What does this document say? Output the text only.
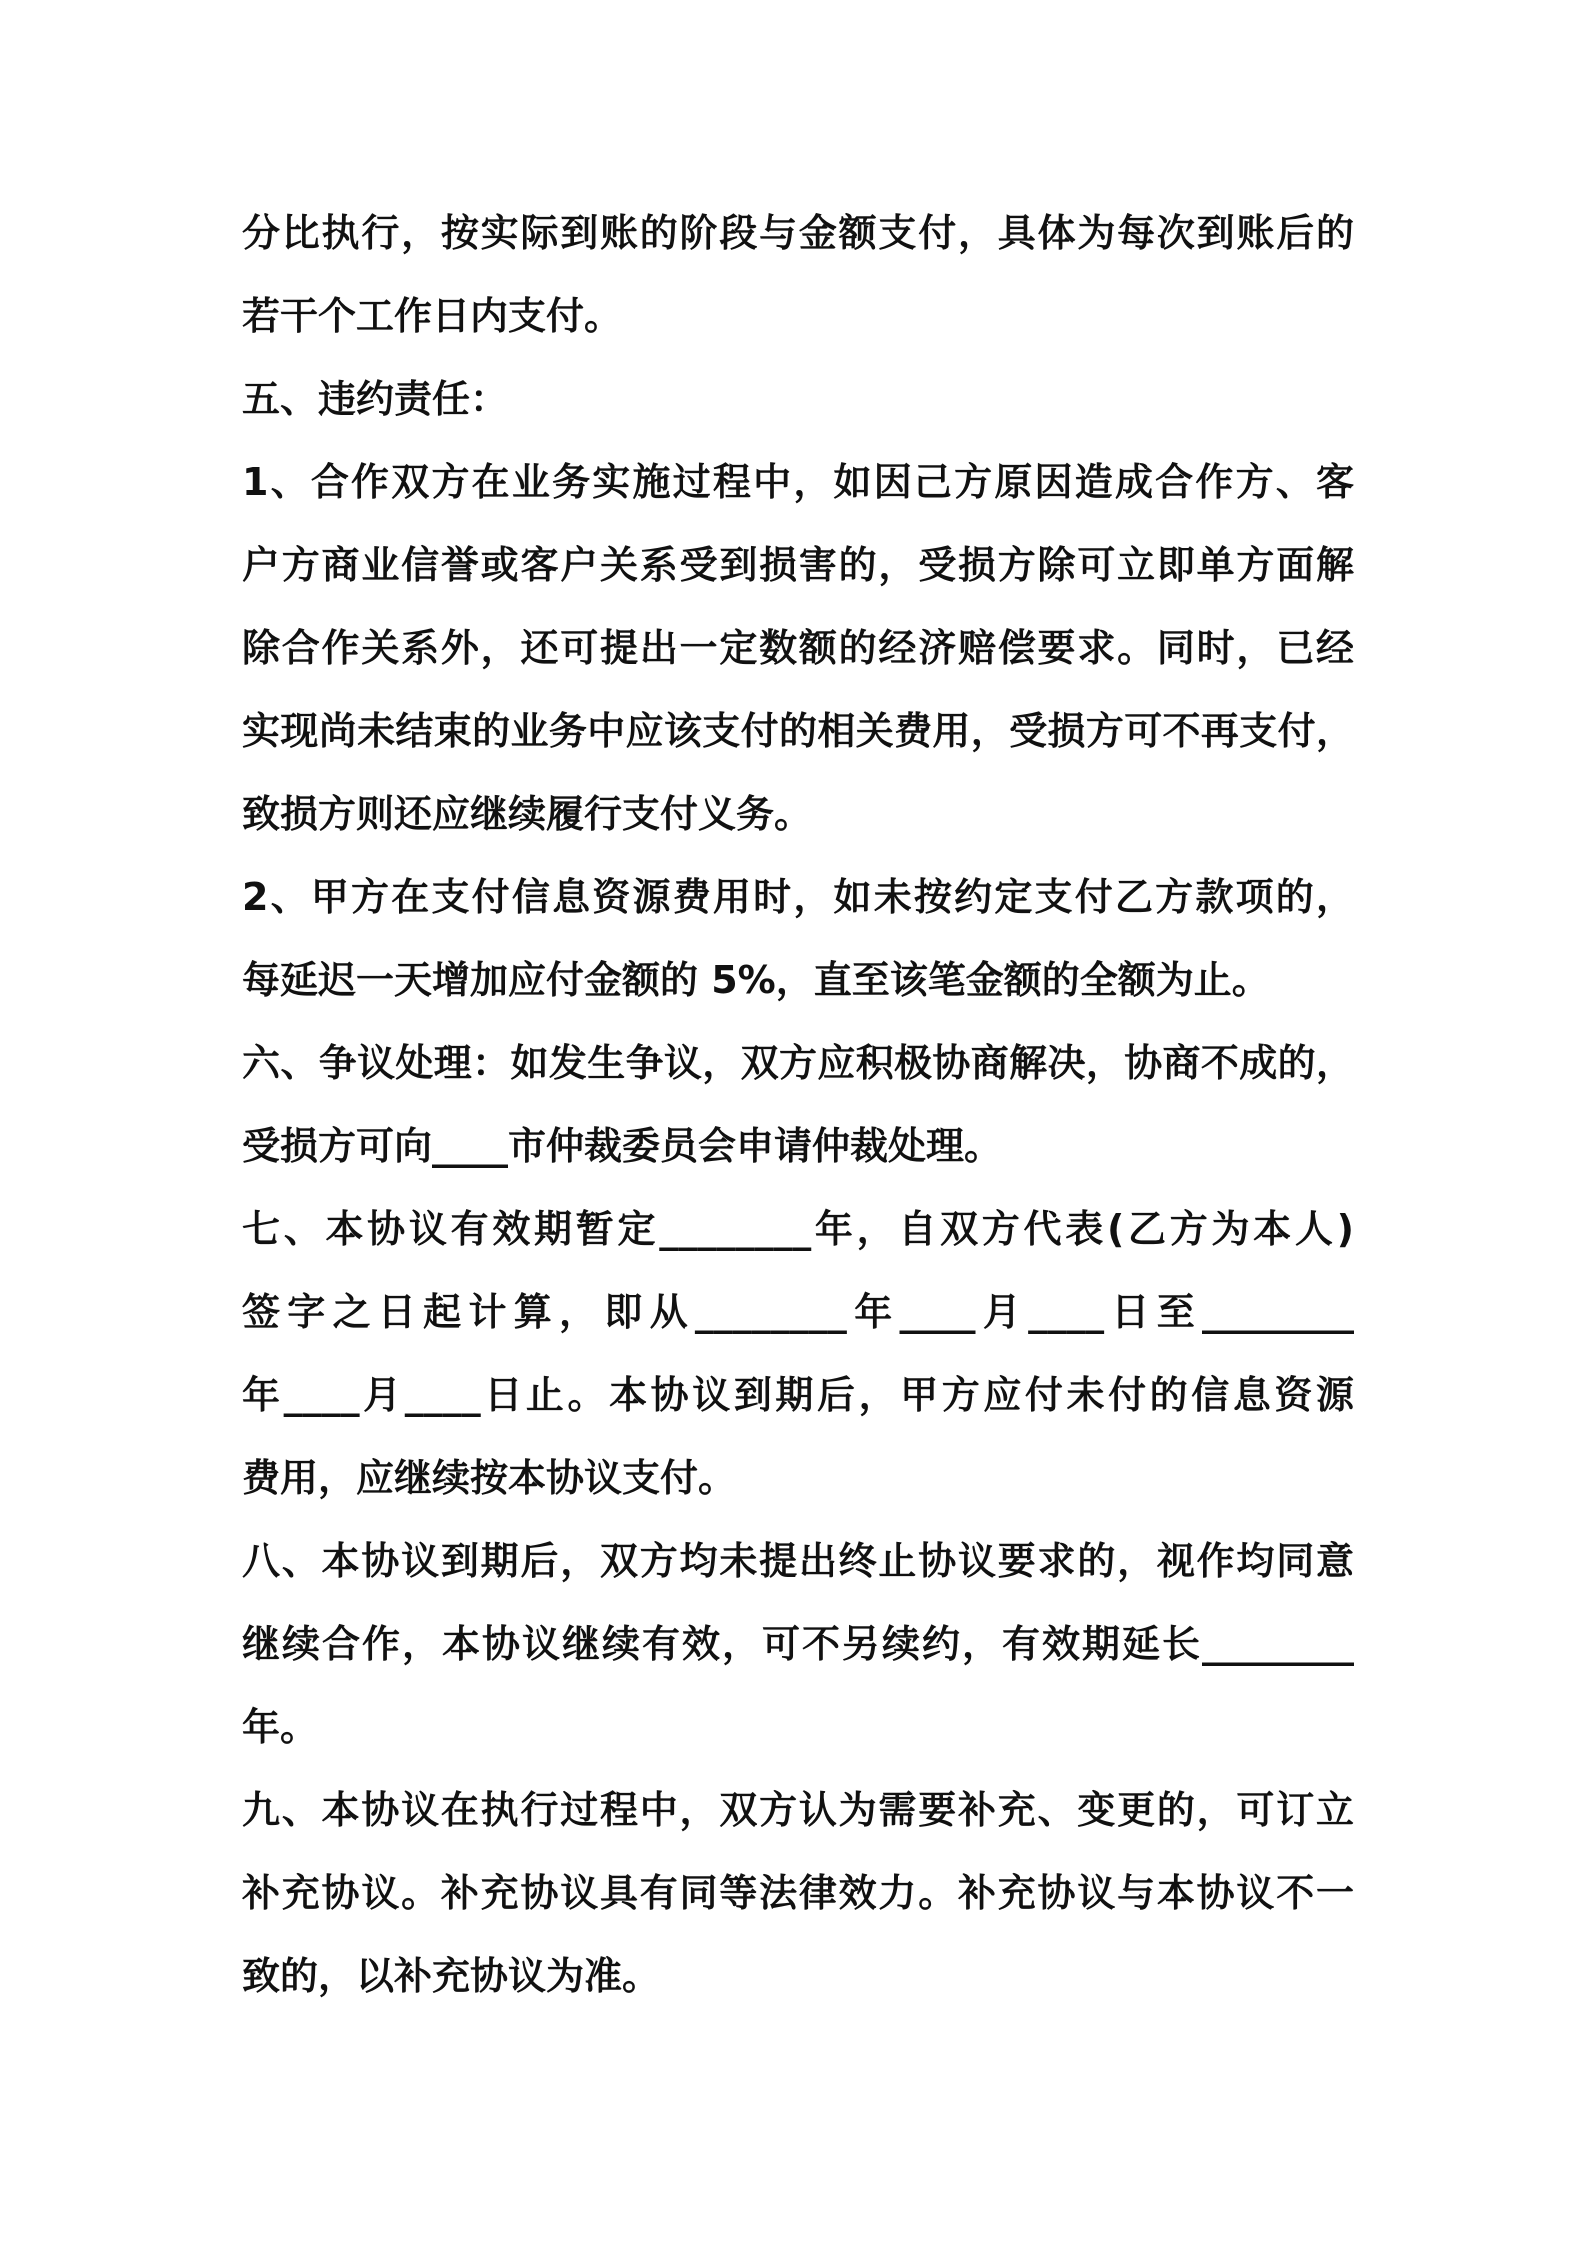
分比执行，按实际到账的阶段与金额支付，具体为每次到账后的
若干个工作日内支付。
五、违约责任：
1、合作双方在业务实施过程中，如因己方原因造成合作方、客
户方商业信誉或客户关系受到损害的，受损方除可立即单方面解
除合作关系外，还可提出一定数额的经济赔偿要求。同时，已经
实现尚未结束的业务中应该支付的相关费用，受损方可不再支付，
致损方则还应继续履行支付义务。
2、甲方在支付信息资源费用时，如未按约定支付乙方款项的，
每延迟一天增加应付金额的 5%，直至该笔金额的全额为止。
六、争议处理：如发生争议，双方应积极协商解决，协商不成的，
受损方可向____市仲裁委员会申请仲裁处理。
七、本协议有效期暂定________年，自双方代表(乙方为本人)
签字之日起计算，即从________年____月____日至________
年____月____日止。本协议到期后，甲方应付未付的信息资源
费用，应继续按本协议支付。
八、本协议到期后，双方均未提出终止协议要求的，视作均同意
继续合作，本协议继续有效，可不另续约，有效期延长________
年。
九、本协议在执行过程中，双方认为需要补充、变更的，可订立
补充协议。补充协议具有同等法律效力。补充协议与本协议不一
致的，以补充协议为准。
